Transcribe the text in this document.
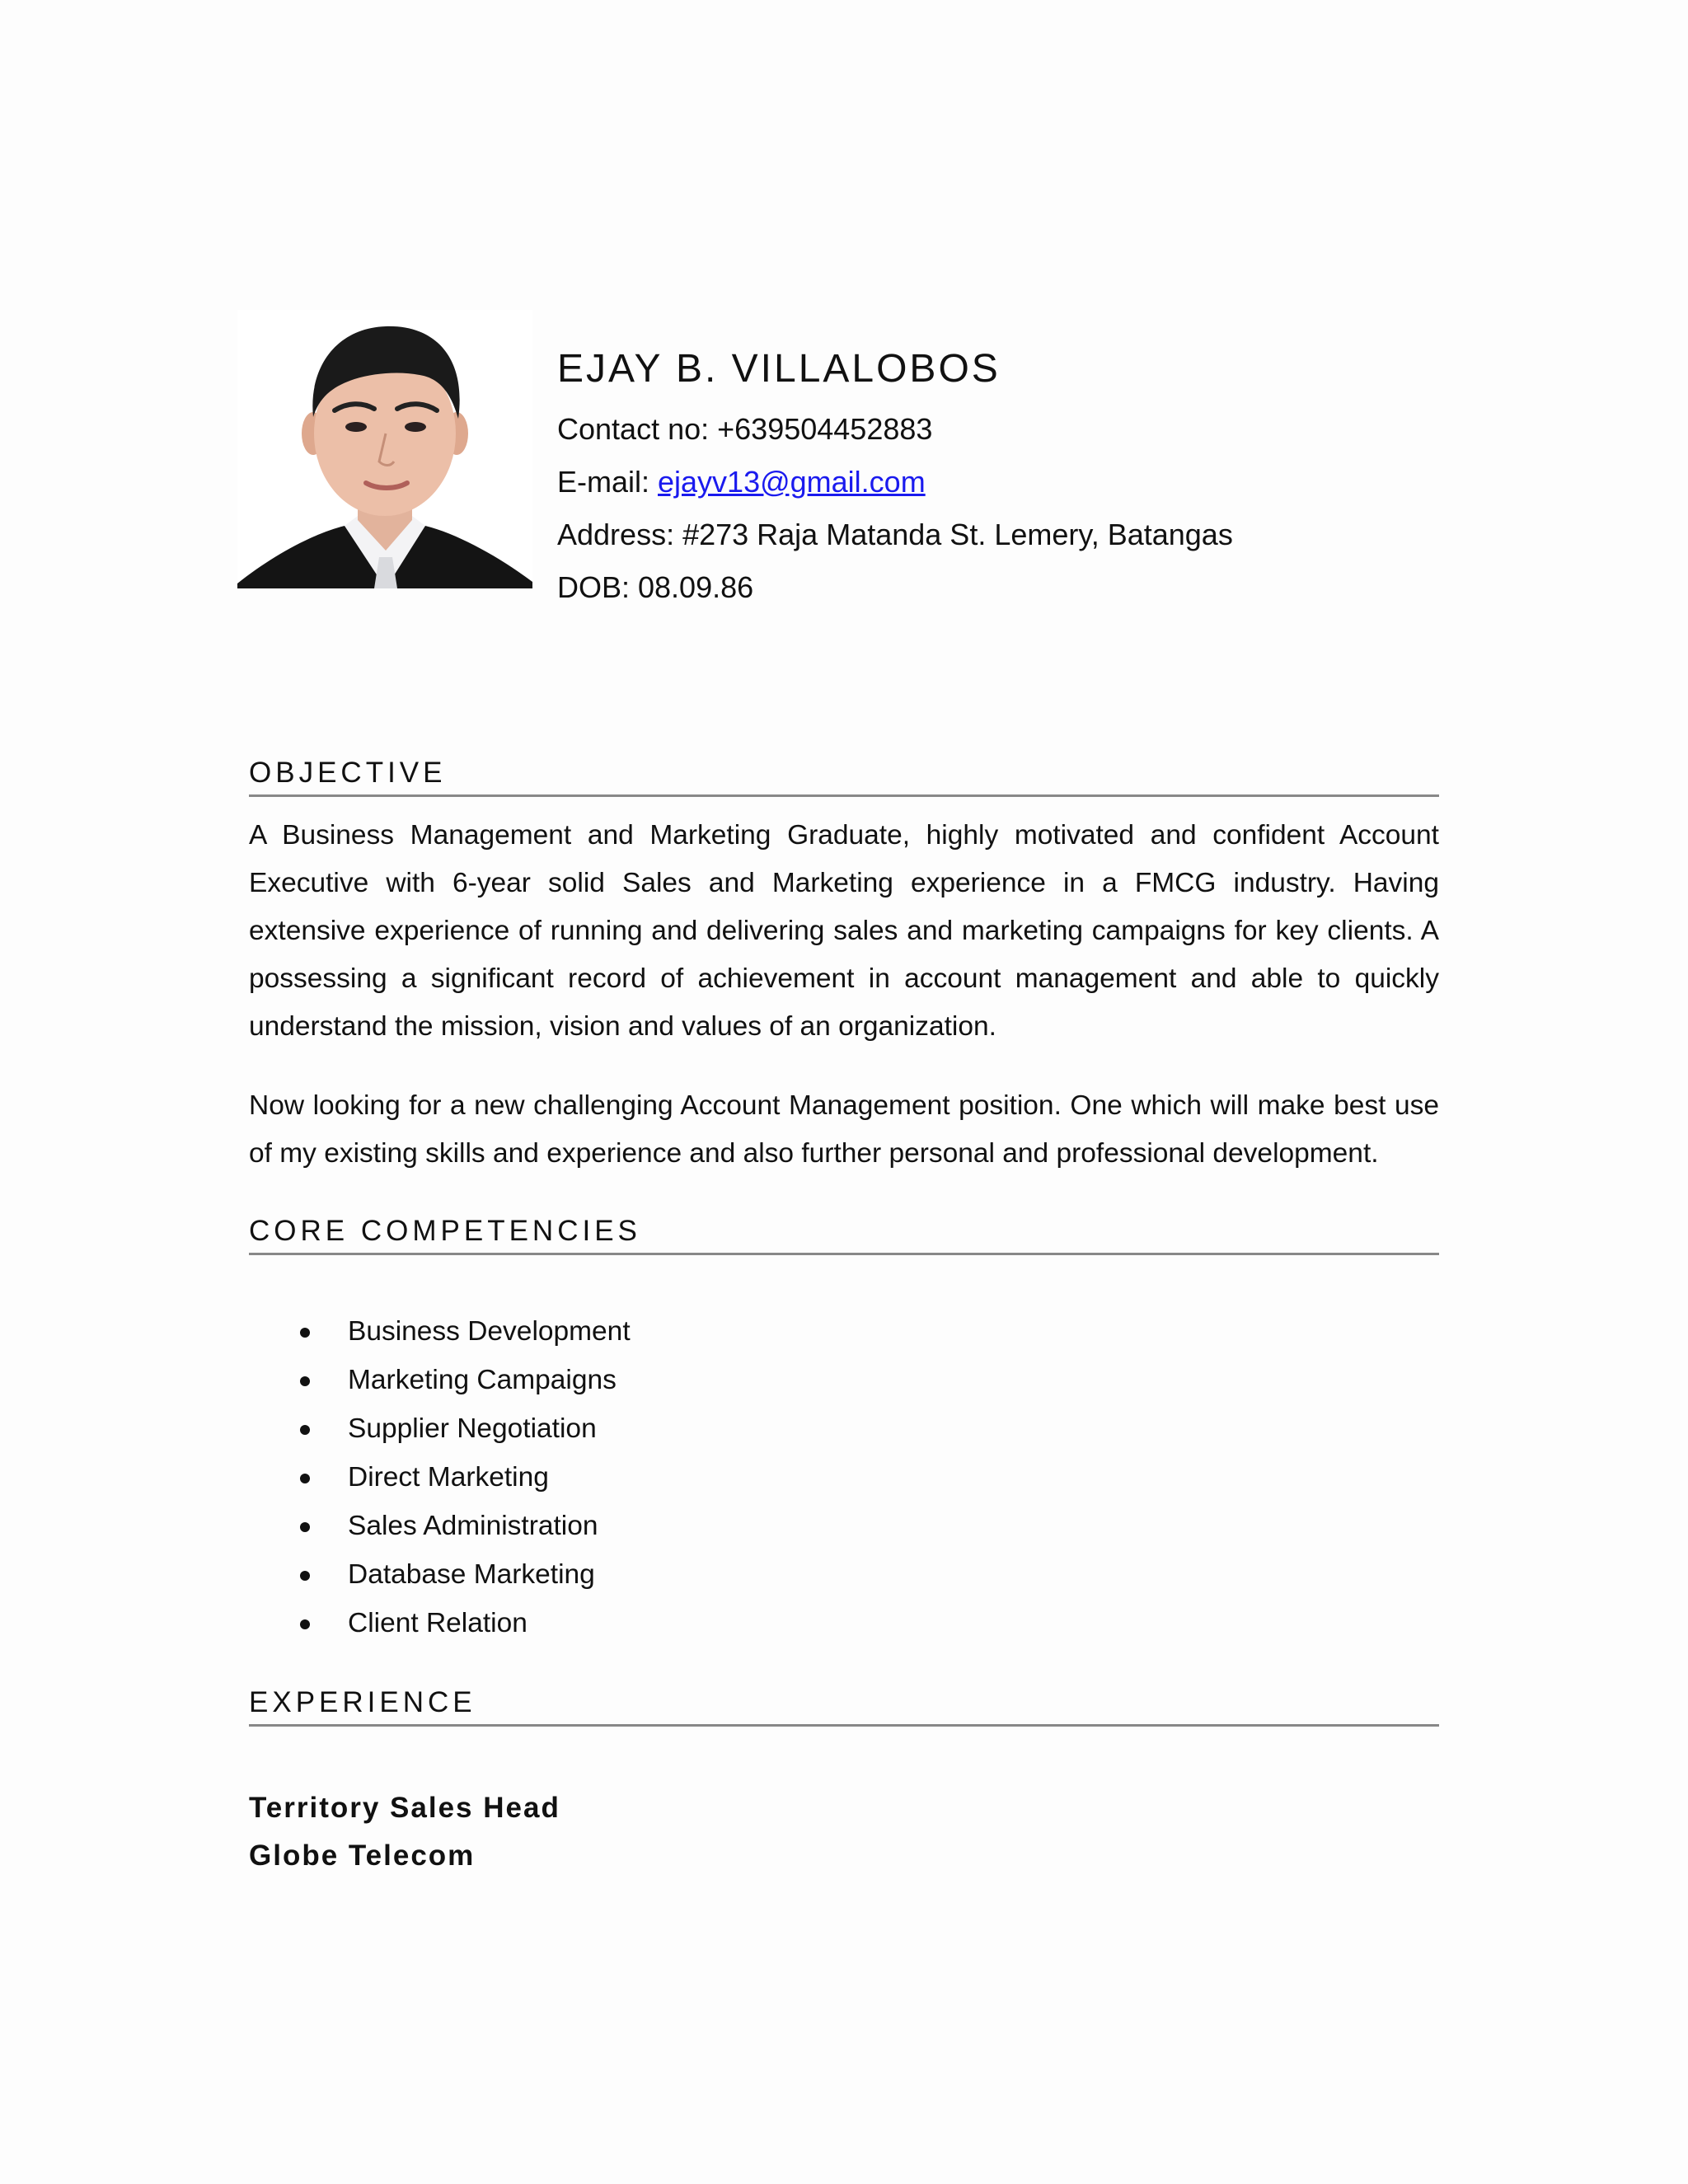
EJAY B. VILLALOBOS
Contact no: +639504452883
E-mail: ejayv13@gmail.com
Address: #273 Raja Matanda St. Lemery, Batangas
DOB: 08.09.86
OBJECTIVE
A Business Management and Marketing Graduate, highly motivated and confident Account Executive with 6-year solid Sales and Marketing experience in a FMCG industry. Having extensive experience of running and delivering sales and marketing campaigns for key clients. A possessing a significant record of achievement in account management and able to quickly understand the mission, vision and values of an organization.
Now looking for a new challenging Account Management position. One which will make best use of my existing skills and experience and also further personal and professional development.
CORE COMPETENCIES
Business Development
Marketing Campaigns
Supplier Negotiation
Direct Marketing
Sales Administration
Database Marketing
Client Relation
EXPERIENCE
Territory Sales Head
Globe Telecom
